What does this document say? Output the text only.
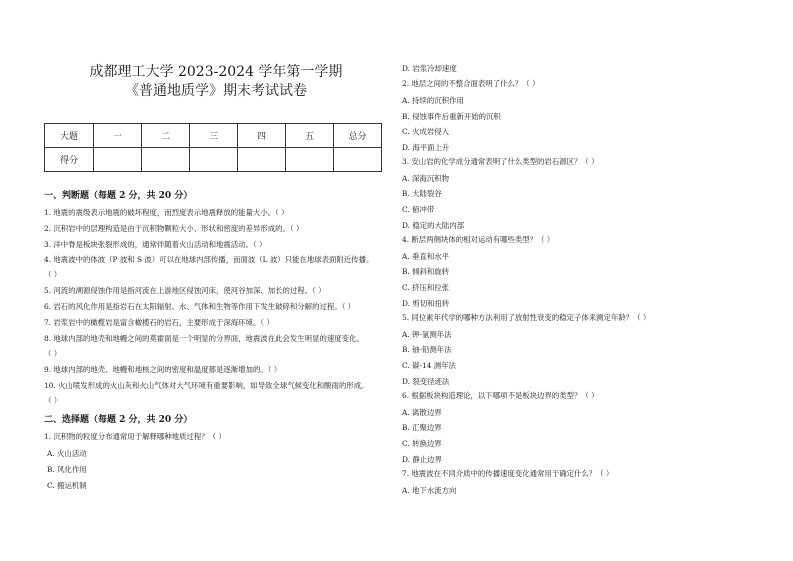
成都理工大学 2023-2024 学年第一学期
《普通地质学》期末考试试卷
大题	一	二	三	四	五	总分
得分						
一、判断题（每题 2 分，共 20 分）
1. 地震的震级表示地震的破坏程度，而烈度表示地震释放的能量大小。（ ）
2. 沉积岩中的层理构造是由于沉积物颗粒大小、形状和密度的差异形成的。（ ）
3. 洋中脊是板块张裂形成的，通常伴随着火山活动和地震活动。（ ）
4. 地震波中的体波（P 波和 S 波）可以在地球内部传播，而面波（L 波）只能在地球表面附近传播。
（ ）
5. 河流的溯源侵蚀作用是指河流在上游地区侵蚀河床，使河谷加深、加长的过程。（ ）
6. 岩石的风化作用是指岩石在太阳辐射、水、气体和生物等作用下发生破碎和分解的过程。（ ）
7. 岩浆岩中的橄榄岩是富含橄榄石的岩石，主要形成于深海环境。（ ）
8. 地球内部的地壳和地幔之间的莫霍面是一个明显的分界面，地震波在此会发生明显的速度变化。
（ ）
9. 地球内部的地壳、地幔和地核之间的密度和温度都是逐渐增加的。（ ）
10. 火山喷发形成的火山灰和火山气体对大气环境有重要影响，如导致全球气候变化和酸雨的形成。
（ ）
二、选择题（每题 2 分，共 20 分）
1. 沉积物的粒度分布通常用于解释哪种地质过程？（ ）
A. 火山活动
B. 风化作用
C. 搬运机制
D. 岩浆冷却速度
2. 地层之间的不整合面表明了什么？（ ）
A. 持续的沉积作用
B. 侵蚀事件后重新开始的沉积
C. 火成岩侵入
D. 海平面上升
3. 安山岩的化学成分通常表明了什么类型的岩石源区？（ ）
A. 深海沉积物
B. 大陆裂谷
C. 俯冲带
D. 稳定的大陆内部
4. 断层两侧块体的相对运动有哪些类型？（ ）
A. 垂直和水平
B. 倾斜和旋转
C. 挤压和拉张
D. 剪切和扭转
5. 同位素年代学的哪种方法利用了放射性衰变的稳定子体来测定年龄？（ ）
A. 钾-氩测年法
B. 铀-铅测年法
C. 碳-14 测年法
D. 裂变径迹法
6. 根据板块构造理论，以下哪项不是板块边界的类型？（ ）
A. 离散边界
B. 汇聚边界
C. 转换边界
D. 静止边界
7. 地震波在不同介质中的传播速度变化通常用于确定什么？（ ）
A. 地下水流方向
